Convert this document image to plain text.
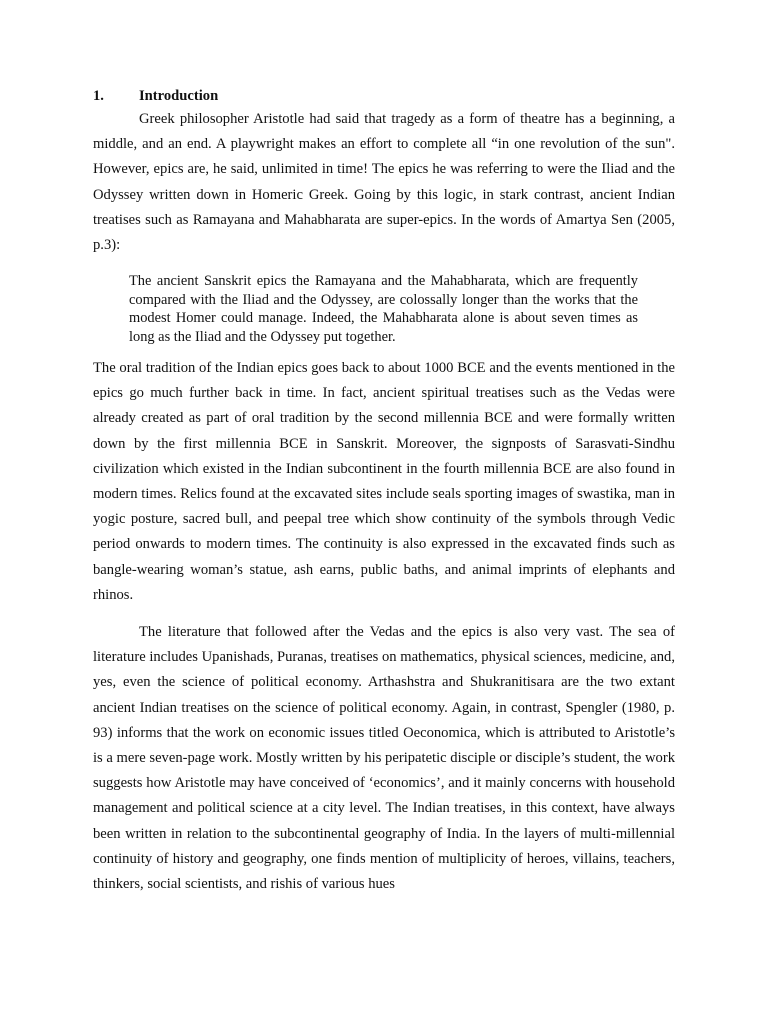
1. Introduction

Greek philosopher Aristotle had said that tragedy as a form of theatre has a beginning, a middle, and an end. A playwright makes an effort to complete all “in one revolution of the sun". However, epics are, he said, unlimited in time! The epics he was referring to were the Iliad and the Odyssey written down in Homeric Greek. Going by this logic, in stark contrast, ancient Indian treatises such as Ramayana and Mahabharata are super-epics. In the words of Amartya Sen (2005, p.3):

The ancient Sanskrit epics the Ramayana and the Mahabharata, which are frequently compared with the Iliad and the Odyssey, are colossally longer than the works that the modest Homer could manage. Indeed, the Mahabharata alone is about seven times as long as the Iliad and the Odyssey put together.

The oral tradition of the Indian epics goes back to about 1000 BCE and the events mentioned in the epics go much further back in time. In fact, ancient spiritual treatises such as the Vedas were already created as part of oral tradition by the second millennia BCE and were formally written down by the first millennia BCE in Sanskrit. Moreover, the signposts of Sarasvati-Sindhu civilization which existed in the Indian subcontinent in the fourth millennia BCE are also found in modern times. Relics found at the excavated sites include seals sporting images of swastika, man in yogic posture, sacred bull, and peepal tree which show continuity of the symbols through Vedic period onwards to modern times. The continuity is also expressed in the excavated finds such as bangle-wearing woman’s statue, ash earns, public baths, and animal imprints of elephants and rhinos.

The literature that followed after the Vedas and the epics is also very vast. The sea of literature includes Upanishads, Puranas, treatises on mathematics, physical sciences, medicine, and, yes, even the science of political economy. Arthashstra and Shukranitisara are the two extant ancient Indian treatises on the science of political economy. Again, in contrast, Spengler (1980, p. 93) informs that the work on economic issues titled Oeconomica, which is attributed to Aristotle’s is a mere seven-page work. Mostly written by his peripatetic disciple or disciple’s student, the work suggests how Aristotle may have conceived of ‘economics’, and it mainly concerns with household management and political science at a city level. The Indian treatises, in this context, have always been written in relation to the subcontinental geography of India. In the layers of multi-millennial continuity of history and geography, one finds mention of multiplicity of heroes, villains, teachers, thinkers, social scientists, and rishis of various hues
